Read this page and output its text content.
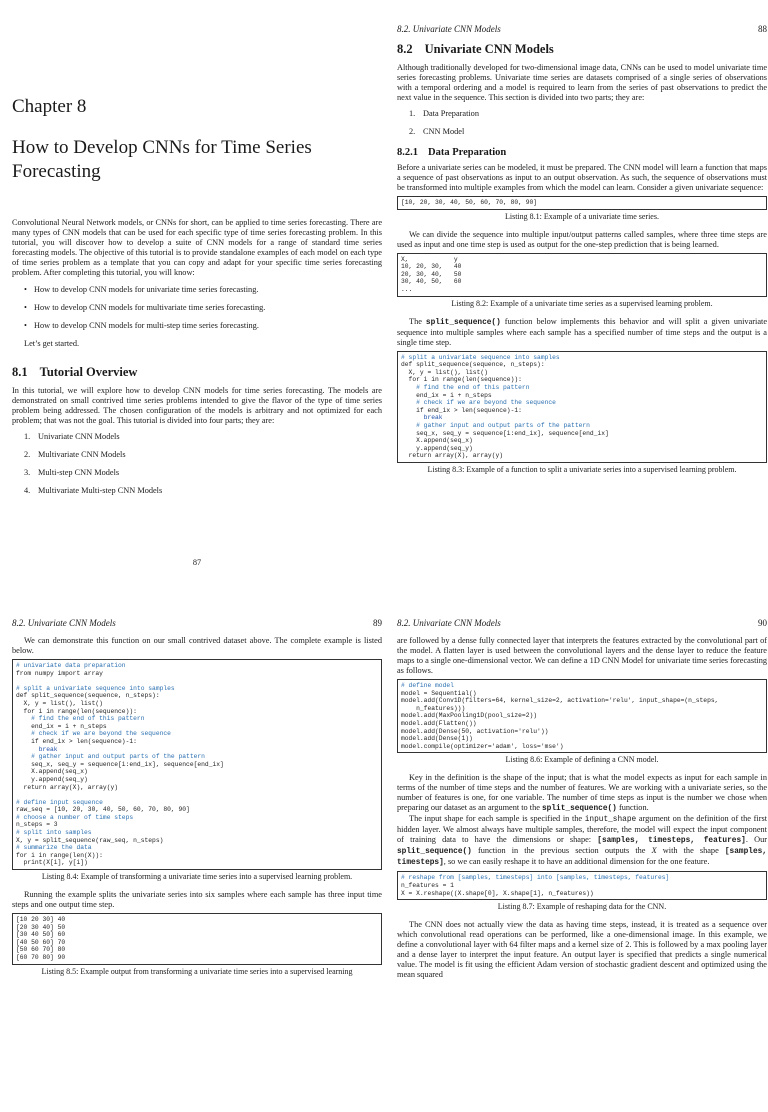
Chapter 8
How to Develop CNNs for Time Series Forecasting

Convolutional Neural Network models, or CNNs for short, can be applied to time series forecasting. There are many types of CNN models that can be used for each specific type of time series forecasting problem. In this tutorial, you will discover how to develop a suite of CNN models for a range of standard time series forecasting models. The objective of this tutorial is to provide standalone examples of each model on each type of time series problem as a template that you can copy and adapt for your specific time series forecasting problem. After completing this tutorial, you will know:

• How to develop CNN models for univariate time series forecasting.
• How to develop CNN models for multivariate time series forecasting.
• How to develop CNN models for multi-step time series forecasting.

Let’s get started.

8.1 Tutorial Overview

In this tutorial, we will explore how to develop CNN models for time series forecasting. The models are demonstrated on small contrived time series problems intended to give the flavor of the type of time series problem being addressed. The chosen configuration of the models is arbitrary and not optimized for each problem; that was not the goal. This tutorial is divided into four parts; they are:

1. Univariate CNN Models
2. Multivariate CNN Models
3. Multi-step CNN Models
4. Multivariate Multi-step CNN Models
87
8.2. Univariate CNN Models	88
8.2 Univariate CNN Models

Although traditionally developed for two-dimensional image data, CNNs can be used to model univariate time series forecasting problems. Univariate time series are datasets comprised of a single series of observations with a temporal ordering and a model is required to learn from the series of past observations to predict the next value in the sequence. This section is divided into two parts; they are:

1. Data Preparation
2. CNN Model
8.2.1 Data Preparation

Before a univariate series can be modeled, it must be prepared. The CNN model will learn a function that maps a sequence of past observations as input to an output observation. As such, the sequence of observations must be transformed into multiple examples from which the model can learn. Consider a given univariate sequence:

[10, 20, 30, 40, 50, 60, 70, 80, 90]
Listing 8.1: Example of a univariate time series.

We can divide the sequence into multiple input/output patterns called samples, where three time steps are used as input and one time step is used as output for the one-step prediction that is being learned.

X,            y
10, 20, 30,   40
20, 30, 40,   50
30, 40, 50,   60
...
Listing 8.2: Example of a univariate time series as a supervised learning problem.

The split_sequence() function below implements this behavior and will split a given univariate sequence into multiple samples where each sample has a specified number of time steps and the output is a single time step.

# split a univariate sequence into samples
def split_sequence(sequence, n_steps):
X, y = list(), list()
for i in range(len(sequence)):
# find the end of this pattern
end_ix = i + n_steps
# check if we are beyond the sequence
if end_ix > len(sequence)-1:
break
# gather input and output parts of the pattern
seq_x, seq_y = sequence[i:end_ix], sequence[end_ix]
X.append(seq_x)
y.append(seq_y)
return array(X), array(y)
Listing 8.3: Example of a function to split a univariate series into a supervised learning problem.
8.2. Univariate CNN Models	89

We can demonstrate this function on our small contrived dataset above. The complete example is listed below.

# univariate data preparation
from numpy import array

# split a univariate sequence into samples
def split_sequence(sequence, n_steps):
X, y = list(), list()
for i in range(len(sequence)):
# find the end of this pattern
end_ix = i + n_steps
# check if we are beyond the sequence
if end_ix > len(sequence)-1:
break
# gather input and output parts of the pattern
seq_x, seq_y = sequence[i:end_ix], sequence[end_ix]
X.append(seq_x)
y.append(seq_y)
return array(X), array(y)

# define input sequence
raw_seq = [10, 20, 30, 40, 50, 60, 70, 80, 90]
# choose a number of time steps
n_steps = 3
# split into samples
X, y = split_sequence(raw_seq, n_steps)
# summarize the data
for i in range(len(X)):
print(X[i], y[i])
Listing 8.4: Example of transforming a univariate time series into a supervised learning problem.

Running the example splits the univariate series into six samples where each sample has three input time steps and one output time step.

[10 20 30] 40
[20 30 40] 50
[30 40 50] 60
[40 50 60] 70
[50 60 70] 80
[60 70 80] 90
Listing 8.5: Example output from transforming a univariate time series into a supervised learning
8.2. Univariate CNN Models	90

are followed by a dense fully connected layer that interprets the features extracted by the convolutional part of the model. A flatten layer is used between the convolutional layers and the dense layer to reduce the feature maps to a single one-dimensional vector. We can define a 1D CNN Model for univariate time series forecasting as follows.

# define model
model = Sequential()
model.add(Conv1D(filters=64, kernel_size=2, activation='relu', input_shape=(n_steps,
n_features)))
model.add(MaxPooling1D(pool_size=2))
model.add(Flatten())
model.add(Dense(50, activation='relu'))
model.add(Dense(1))
model.compile(optimizer='adam', loss='mse')
Listing 8.6: Example of defining a CNN model.

Key in the definition is the shape of the input; that is what the model expects as input for each sample in terms of the number of time steps and the number of features. We are working with a univariate series, so the number of features is one, for one variable. The number of time steps as input is the number we chose when preparing our dataset as an argument to the split_sequence() function.

The input shape for each sample is specified in the input_shape argument on the definition of the first hidden layer. We almost always have multiple samples, therefore, the model will expect the input component of training data to have the dimensions or shape: [samples, timesteps, features]. Our split_sequence() function in the previous section outputs the X with the shape [samples, timesteps], so we can easily reshape it to have an additional dimension for the one feature.

# reshape from [samples, timesteps] into [samples, timesteps, features]
n_features = 1
X = X.reshape((X.shape[0], X.shape[1], n_features))
Listing 8.7: Example of reshaping data for the CNN.

The CNN does not actually view the data as having time steps, instead, it is treated as a sequence over which convolutional read operations can be performed, like a one-dimensional image. In this example, we define a convolutional layer with 64 filter maps and a kernel size of 2. This is followed by a max pooling layer and a dense layer to interpret the input feature. An output layer is specified that predicts a single numerical value. The model is fit using the efficient Adam version of stochastic gradient descent and optimized using the mean squared
